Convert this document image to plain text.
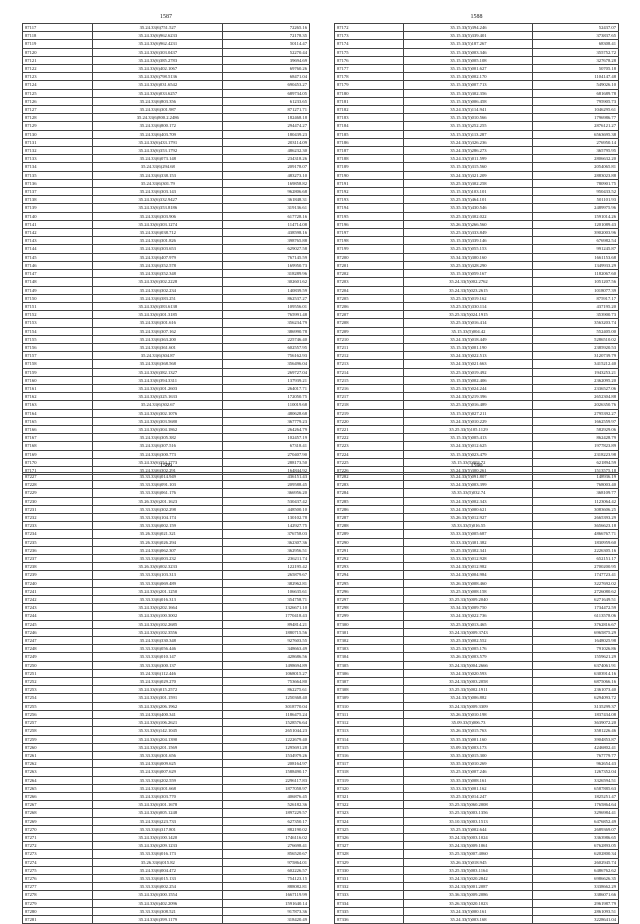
1587
87117	35.24.33(6)751.527	72265.16
87118	35.24.33(6)962.6233	72178.35
87119	35.24.33(6)962.4231	50114.47
87120	35.24.33(6)303.0437	52270.44
87121	35.24.33(6)385.2783	39694.69
87122	35.24.33(6)402.1067	69760.26
87123	35.24.33(6)798.5136	68471.04
87124	35.24.33(6)031.6542	690453.27
87125	35.24.33(6)033.6257	689734.05
87126	35.24.33(6)803.356	61233.65
87127	35.24.33(6)301.987	871271.71
87128	35.24.33(6)800.2.2486	182468.18
87129	35.24.33(6)800.172	294474.27
87130	35.24.33(6)403.709	180439.23
87131	35.24.33(6)433.1791	203114.09
87132	35.24.33(6)353.1792	486232.30
87133	35.24.33(6)073.148	234318.26
87134	35.24.33(6)294.68	209178.07
87135	35.24.33(6)338.153	483273.10
87136	35.24.33(6)301.79	169858.82
87137	35.24.33(6)303.143	962806.68
87138	35.24.33(6)332.9427	361848.31
87139	35.24.33(6)353.8186	319136.61
87140	35.24.33(6)303.906	617728.16
87141	35.24.33(6)303.1274	114714.08
87142	35.24.33(6)038.712	438598.16
87143	35.24.33(6)301.826	398765.88
87144	35.24.33(6)303.653	629027.58
87145	35.24.33(6)407.979	767145.59
87146	35.24.33(6)352.578	169950.73
87147	35.24.33(6)352.348	318289.96
87148	35.24.33(6)302.2228	302601.62
87149	35.24.33(6)302.234	140839.59
87150	35.24.33(6)383.251	862537.27
87151	35.24.33(6)383.6138	109556.01
87152	35.24.33(6)301.3185	765991.48
87153	35.24.33(6)301.616	356234.79
87154	35.24.33(6)307.162	386990.78
87155	35.24.33(6)363.200	225746.40
87156	35.24.33(6)361.601	602557.95
87157	35.24.33(6)304.87	756162.93
87158	35.24.33(6)368.568	356496.04
87159	35.24.33(6)382.1327	269727.04
87160	35.24.33(6)394.3311	137939.21
87161	35.24.33(6)301.2603	264017.71
87162	35.24.33(6)325.1633	172050.75
87163	35.24.33(6)302.67	110019.68
87164	35.24.33(6)302.1076	480628.68
87165	35.24.33(6)303.5680	367779.23
87166	35.24.33(6)304.1862	264264.79
87167	35.24.33(6)305.382	102457.19
87168	35.24.33(6)307.516	67318.41
87169	35.24.33(6)300.773	270407.90
87170	35.24.33(6)354.1773	288173.50
87171	35.24.33(6)302.291	164844.92
1588
87172	35.15.33(5)394.246	52437.07
87173	35.15.33(5)339.401	373837.65
87174	35.15.33(5)187.267	68308.41
87175	35.15.33(5)003.346	355752.72
87176	35.15.33(5)005.108	327678.28
87177	35.15.33(5)001.627	50705.18
87178	35.15.33(5)002.170	1104147.48
87179	35.15.33(5)007.713	549026.10
87180	35.15.33(5)302.356	681689.78
87181	35.15.33(5)006.458	795905.73
87182	35.24.33(5)114.941	1046295.61
87183	35.15.33(5)010.566	1796986.77
87184	35.15.33(5)252.255	2876121.27
87185	35.15.33(5)113.287	6563695.38
87186	35.24.33(5)326.236	276950.14
87187	35.24.33(5)286.273	365795.95
87188	35.24.33(5)011.599	2806632.20
87189	35.15.33(5)315.560	2054065.81
87190	35.24.33(5)321.209	2883023.88
87191	35.25.33(5)302.258	780901.75
87192	35.15.33(5)103.101	950433.52
87193	35.25.33(5)464.101	501101.93
87194	35.35.33(5)430.546	2489975.96
87195	35.25.33(5)302.022	1591014.26
87196	35.26.33(5)266.560	1201089.43
87197	35.25.33(5)333.849	3902003.96
87198	35.15.33(5)339.146	676982.54
87199	35.25.33(5)055.153	991245.87
87200	35.34.33(5)300.160	1661153.68
87201	35.25.33(5)328.290	1349933.29
87202	35.15.33(5)059.167	1182067.60
87203	35.24.33(5)002.2762	1051207.56
87204	35.24.33(5)023.2615	1018077.39
87205	35.25.33(5)019.162	875917.17
87206	35.25.33(5)330.114	437195.20
87207	35.25.33(5)024.1915	353900.73
87208	35.25.33(5)016.414	3563203.74
87209	35.15.33(5)004.42	552405.00
87210	35.24.33(5)018.449	5286510.02
87211	35.15.33(5)001.190	2385920.53
87212	35.24.33(5)022.513	3120739.79
87213	35.24.33(5)021.663	3415212.40
87214	35.25.33(5)019.492	1943253.21
87215	35.15.33(5)002.406	2362095.20
87216	35.25.33(5)024.244	2336527.06
87217	35.24.33(5)219.396	2652304.88
87218	35.25.33(5)016.489	2026350.76
87219	35.15.33(5)027.211	2795392.27
87220	35.24.33(5)010.229	1662559.97
87221	35.25.33(5)105.1129	582929.06
87222	35.15.33(5)005.413	862428.79
87223	35.24.33(5)012.625	1977823.89
87224	35.15.33(5)023.479	2318223.98
87225	35.15.33(5)003.72	621894.59
87226	35.24.33(5)300.261	1513575.18
1589
87227	35.33.33(6)014.949	436151.43
87228	35.33.33(6)091.103	209588.45
87229	35.33.33(6)061.176	366956.20
87230	35.26.33(6)201.1623	530437.42
87231	35.33.33(6)302.298	448500.10
87232	35.33.33(6)104.174	130102.78
87233	35.33.33(6)002.159	142927.75
87234	35.26.33(6)021.321	376758.03
87235	35.26.33(6)026.294	362307.36
87236	35.24.33(6)062.307	362956.51
87237	35.33.33(6)003.232	236211.74
87238	35.26.33(6)002.3233	122195.42
87239	35.33.33(6)103.313	265879.67
87240	35.33.33(6)069.489	382962.81
87241	35.24.33(6)201.1250	106635.61
87242	35.33.33(6)016.313	354758.71
87243	35.24.33(6)202.1664	1326671.10
87244	35.24.33(6)100.3002	1770418.43
87245	35.24.33(6)102.2685	894814.21
87246	35.24.33(6)102.3556	1880715.56
87247	35.24.33(6)330.348	927603.55
87248	35.33.33(6)056.446	348663.49
87249	35.33.33(6)010.147	428686.56
87250	35.33.33(6)300.137	1498694.89
87251	35.24.33(6)112.446	1068015.27
87252	35.24.33(6)029.270	753664.80
87253	35.24.33(6)015.2572	862275.61
87254	35.24.33(6)301.1591	1250368.40
87255	35.24.33(6)206.1962	3018770.04
87256	35.24.33(6)400.341	1186475.24
87257	35.24.33(6)106.2621	1528576.64
87258	35.33.33(6)142.1045	2651044.23
87259	35.24.33(6)204.1390	1222679.40
87260	35.24.33(6)201.1569	1295691.28
87261	35.33.33(6)301.656	1534979.26
87262	35.24.33(6)009.625	208164.97
87263	35.24.33(6)007.629	1588490.17
87264	35.33.33(6)202.559	2296117.83
87265	35.24.33(6)301.668	1877058.97
87266	35.24.33(6)303.770	406876.45
87267	35.24.33(6)301.1678	526182.36
87268	35.24.33(6)005.1248	1897229.57
87269	35.24.33(6)223.733	627350.17
87270	35.33.33(6)317.801	882190.02
87271	35.24.33(6)100.1420	1746116.02
87272	35.24.33(6)209.1233	276698.41
87273	35.33.33(6)016.173	856520.67
87274	35.26.33(6)015.82	975864.01
87275	35.24.33(6)004.472	602226.57
87276	35.33.33(6)015.133	754123.15
87277	35.33.33(6)002.254	888082.81
87278	35.24.33(6)300.1554	1667119.99
87279	35.24.33(6)402.2096	1591640.14
87280	35.33.33(6)308.521	917873.36
87281	35.24.33(6)399.1179	318420.49
1590
87282	35.24.33(5)091.807	148936.19
87283	35.24.33(5)003.399	768003.40
87284	35.35.33(5)032.74	368109.77
87285	35.24.33(5)002.343	1123064.42
87286	35.24.33(5)000.621	3083606.25
87287	35.26.33(5)012.927	2665393.29
87288	35.33.33(5)016.55	3656623.18
87289	35.33.33(5)005.687	4866767.71
87290	35.33.33(5)301.382	1830959.60
87291	35.25.33(5)302.341	2226305.16
87292	35.33.33(5)012.928	652151.17
87293	35.24.33(5)012.982	2700200.95
87294	35.24.33(5)004.984	1747723.41
87295	35.26.33(5)008.460	3227692.02
87296	35.25.33(5)008.158	2726080.62
87297	35.25.33(5)009.2040	6271649.51
87298	35.34.33(5)009.750	1734472.59
87299	35.24.33(5)022.736	6113578.06
87300	35.25.33(5)013.465	3762816.67
87301	35.24.33(5)009.3743	6965875.29
87302	35.25.33(5)002.552	1648025.98
87303	35.25.33(5)005.176	791026.86
87304	35.26.33(5)003.579	1559621.29
87305	35.24.33(5)004.2666	6374061.91
87306	35.24.33(5)020.593	6303914.16
87307	35.24.33(5)003.2058	6875066.16
87308	35.25.33(5)002.1911	2361073.40
87309	35.24.33(5)006.882	6294093.72
87310	35.24.33(5)009.3309	3135299.37
87311	35.26.33(5)010.198	1837434.08
87312	35.09.33(5)006.73	3639072.20
87313	35.26.33(5)015.763	3581226.46
87314	35.35.33(5)001.160	3904853.87
87315	35.09.33(5)003.173	4246802.41
87316	35.35.33(5)015.300	767779.77
87317	35.35.33(5)010.269	962654.43
87318	35.25.33(5)007.246	1267352.04
87319	35.35.33(5)008.161	3326594.51
87320	35.33.33(5)001.162	6587885.63
87321	35.25.33(5)014.247	1825251.47
87322	35.25.33(5)060.2008	1765864.64
87323	35.25.33(5)003.1356	3296984.41
87324	35.10.33(5)003.1513	6476852.49
87325	35.25.33(5)002.644	2689369.07
87326	35.24.33(5)003.1024	3363986.65
87327	35.24.33(5)009.1061	6762893.05
87328	35.25.33(5)007.4060	6202800.34
87329	35.26.33(5)018.945	2602945.74
87330	35.25.33(5)003.1164	6486762.62
87331	35.24.33(5)020.2842	6986626.35
87332	35.24.33(5)001.2087	3338662.29
87333	35.36.33(5)009.2086	3386071.66
87334	35.26.33(5)020.1023	2961987.79
87335	35.24.33(5)000.161	2861093.51
87336	35.24.33(5)003.168	3228641.04
